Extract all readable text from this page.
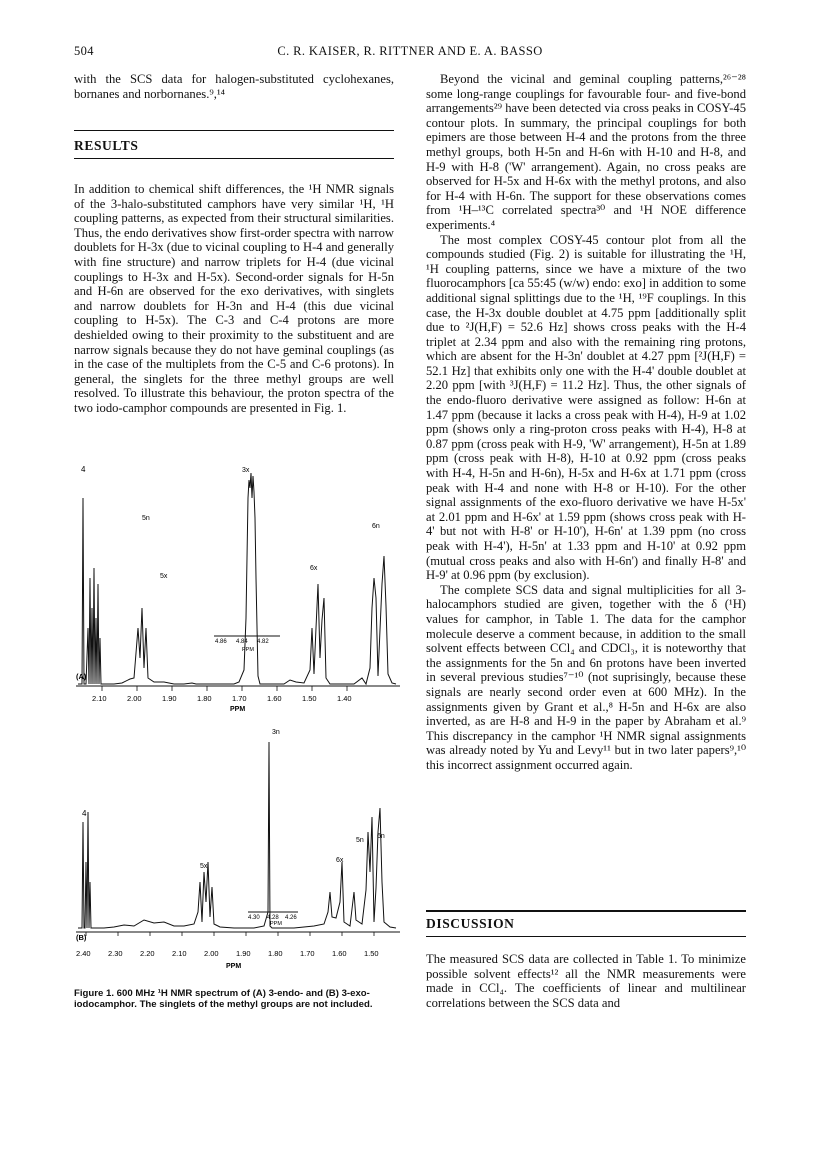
504	C. R. KAISER, R. RITTNER AND E. A. BASSO

with the SCS data for halogen-substituted cyclohexanes, bornanes and norbornanes.⁹,¹⁴

RESULTS

In addition to chemical shift differences, the ¹H NMR signals of the 3-halo-substituted camphors have very similar ¹H, ¹H coupling patterns, as expected from their structural similarities. Thus, the endo derivatives show first-order spectra with narrow doublets for H-3x (due to vicinal coupling to H-4 and generally with fine structure) and narrow triplets for H-4 (due vicinal couplings to H-3x and H-5x). Second-order signals for H-5n and H-6n are observed for the exo derivatives, with singlets and narrow doublets for H-3n and H-4 (this due vicinal coupling to H-5x). The C-3 and C-4 protons are more deshielded owing to their proximity to the substituent and are narrow signals because they do not have geminal couplings (as in the case of the multiplets from the C-5 and C-6 protons). In general, the singlets for the three methyl groups are well resolved. To illustrate this behaviour, the proton spectra of the two iodo-camphor compounds are presented in Fig. 1.

4.86 4.84 4.82
PPM
4	3x
5n
6n
5x
6x
(A)
2.10	2.00	1.90	1.80	1.70	1.60	1.50	1.40
PPM
4.30 4.28 4.26
PPM
3n
4
5n
6n
6x
5x
(B)
2.40 2.30 2.20 2.10 2.00 1.90 1.80 1.70 1.60 1.50
PPM
Figure 1. 600 MHz ¹H NMR spectrum of (A) 3-endo- and (B) 3-exo- iodocamphor. The singlets of the methyl groups are not included.

Beyond the vicinal and geminal coupling patterns,²⁶⁻²⁸ some long-range couplings for favourable four- and five-bond arrangements²⁹ have been detected via cross peaks in COSY-45 contour plots. In summary, the principal couplings for both epimers are those between H-4 and the protons from the three methyl groups, both H-5n and H-6n with H-10 and H-8, and H-9 with H-8 ('W' arrangement). Again, no cross peaks are observed for H-5x and H-6x with the methyl protons, and also for H-4 with H-6n. The support for these observations comes from ¹H–¹³C correlated spectra³⁰ and ¹H NOE difference experiments.⁴

The most complex COSY-45 contour plot from all the compounds studied (Fig. 2) is suitable for illustrating the ¹H, ¹H coupling patterns, since we have a mixture of the two fluorocamphors [ca 55:45 (w/w) endo: exo] in addition to some additional signal splittings due to the ¹H, ¹⁹F couplings. In this case, the H-3x double doublet at 4.75 ppm [additionally split due to ²J(H,F) = 52.6 Hz] shows cross peaks with the H-4 triplet at 2.34 ppm and also with the remaining ring protons, which are absent for the H-3n' doublet at 4.27 ppm [²J(H,F) = 52.1 Hz] that exhibits only one with the H-4' double doublet at 2.20 ppm [with ³J(H,F) = 11.2 Hz]. Thus, the other signals of the endo-fluoro derivative were assigned as follow: H-6n at 1.47 ppm (because it lacks a cross peak with H-4), H-9 at 1.02 ppm (shows only a ring-proton cross peaks with H-4), H-8 at 0.87 ppm (cross peak with H-9, 'W' arrangement), H-5n at 1.89 ppm (cross peak with H-8), H-10 at 0.92 ppm (cross peaks with H-4, H-5n and H-6n), H-5x and H-6x at 1.71 ppm (cross peak with H-4 and none with H-8 or H-10). For the other signal assignments of the exo-fluoro derivative we have H-5x' at 2.01 ppm and H-6x' at 1.59 ppm (shows cross peak with H-4' but not with H-8' or H-10'), H-6n' at 1.39 ppm (no cross peak with H-4'), H-5n' at 1.33 ppm and H-10' at 0.92 ppm (mutual cross peaks and also with H-6n') and finally H-8' and H-9' at 0.96 ppm (by exclusion).

The complete SCS data and signal multiplicities for all 3-halocamphors studied are given, together with the δ (¹H) values for camphor, in Table 1. The data for the camphor molecule deserve a comment because, in addition to the small solvent effects between CCl₄ and CDCl₃, it is noteworthy that the assignments for the 5n and 6n protons have been inverted in several previous studies⁷⁻¹⁰ (not suprisingly, because these signals are nearly second order even at 600 MHz). In the assignments given by Grant et al.,⁸ H-5n and H-6x are also inverted, as are H-8 and H-9 in the paper by Abraham et al.⁹ This discrepancy in the camphor ¹H NMR signal assignments was already noted by Yu and Levy¹¹ but in two later papers⁹,¹⁰ this incorrect assignment occurred again.

DISCUSSION

The measured SCS data are collected in Table 1. To minimize possible solvent effects¹² all the NMR measurements were made in CCl₄. The coefficients of linear and multilinear correlations between the SCS data and
